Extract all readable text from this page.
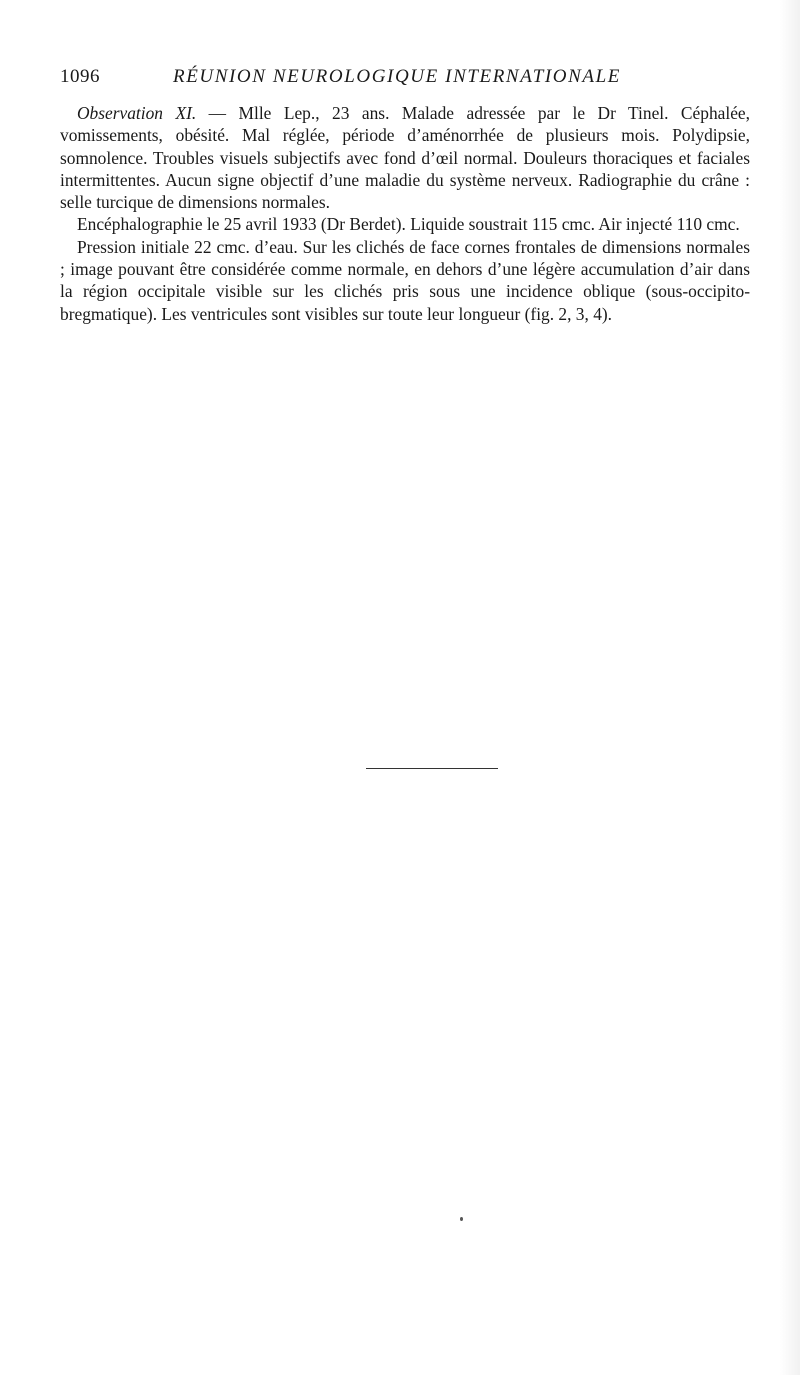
1096	RÉUNION NEUROLOGIQUE INTERNATIONALE

Observation XI. — Mlle Lep., 23 ans. Malade adressée par le Dr Tinel. Céphalée, vomissements, obésité. Mal réglée, période d’aménorrhée de plusieurs mois. Polydipsie, somnolence. Troubles visuels subjectifs avec fond d’œil normal. Douleurs thoraciques et faciales intermittentes. Aucun signe objectif d’une maladie du système nerveux. Radiographie du crâne : selle turcique de dimensions normales.

Encéphalographie le 25 avril 1933 (Dr Berdet). Liquide soustrait 115 cmc. Air injecté 110 cmc.

Pression initiale 22 cmc. d’eau. Sur les clichés de face cornes frontales de dimensions normales ; image pouvant être considérée comme normale, en dehors d’une légère accumulation d’air dans la région occipitale visible sur les clichés pris sous une incidence oblique (sous-occipito-bregmatique). Les ventricules sont visibles sur toute leur longueur (fig. 2, 3, 4).
